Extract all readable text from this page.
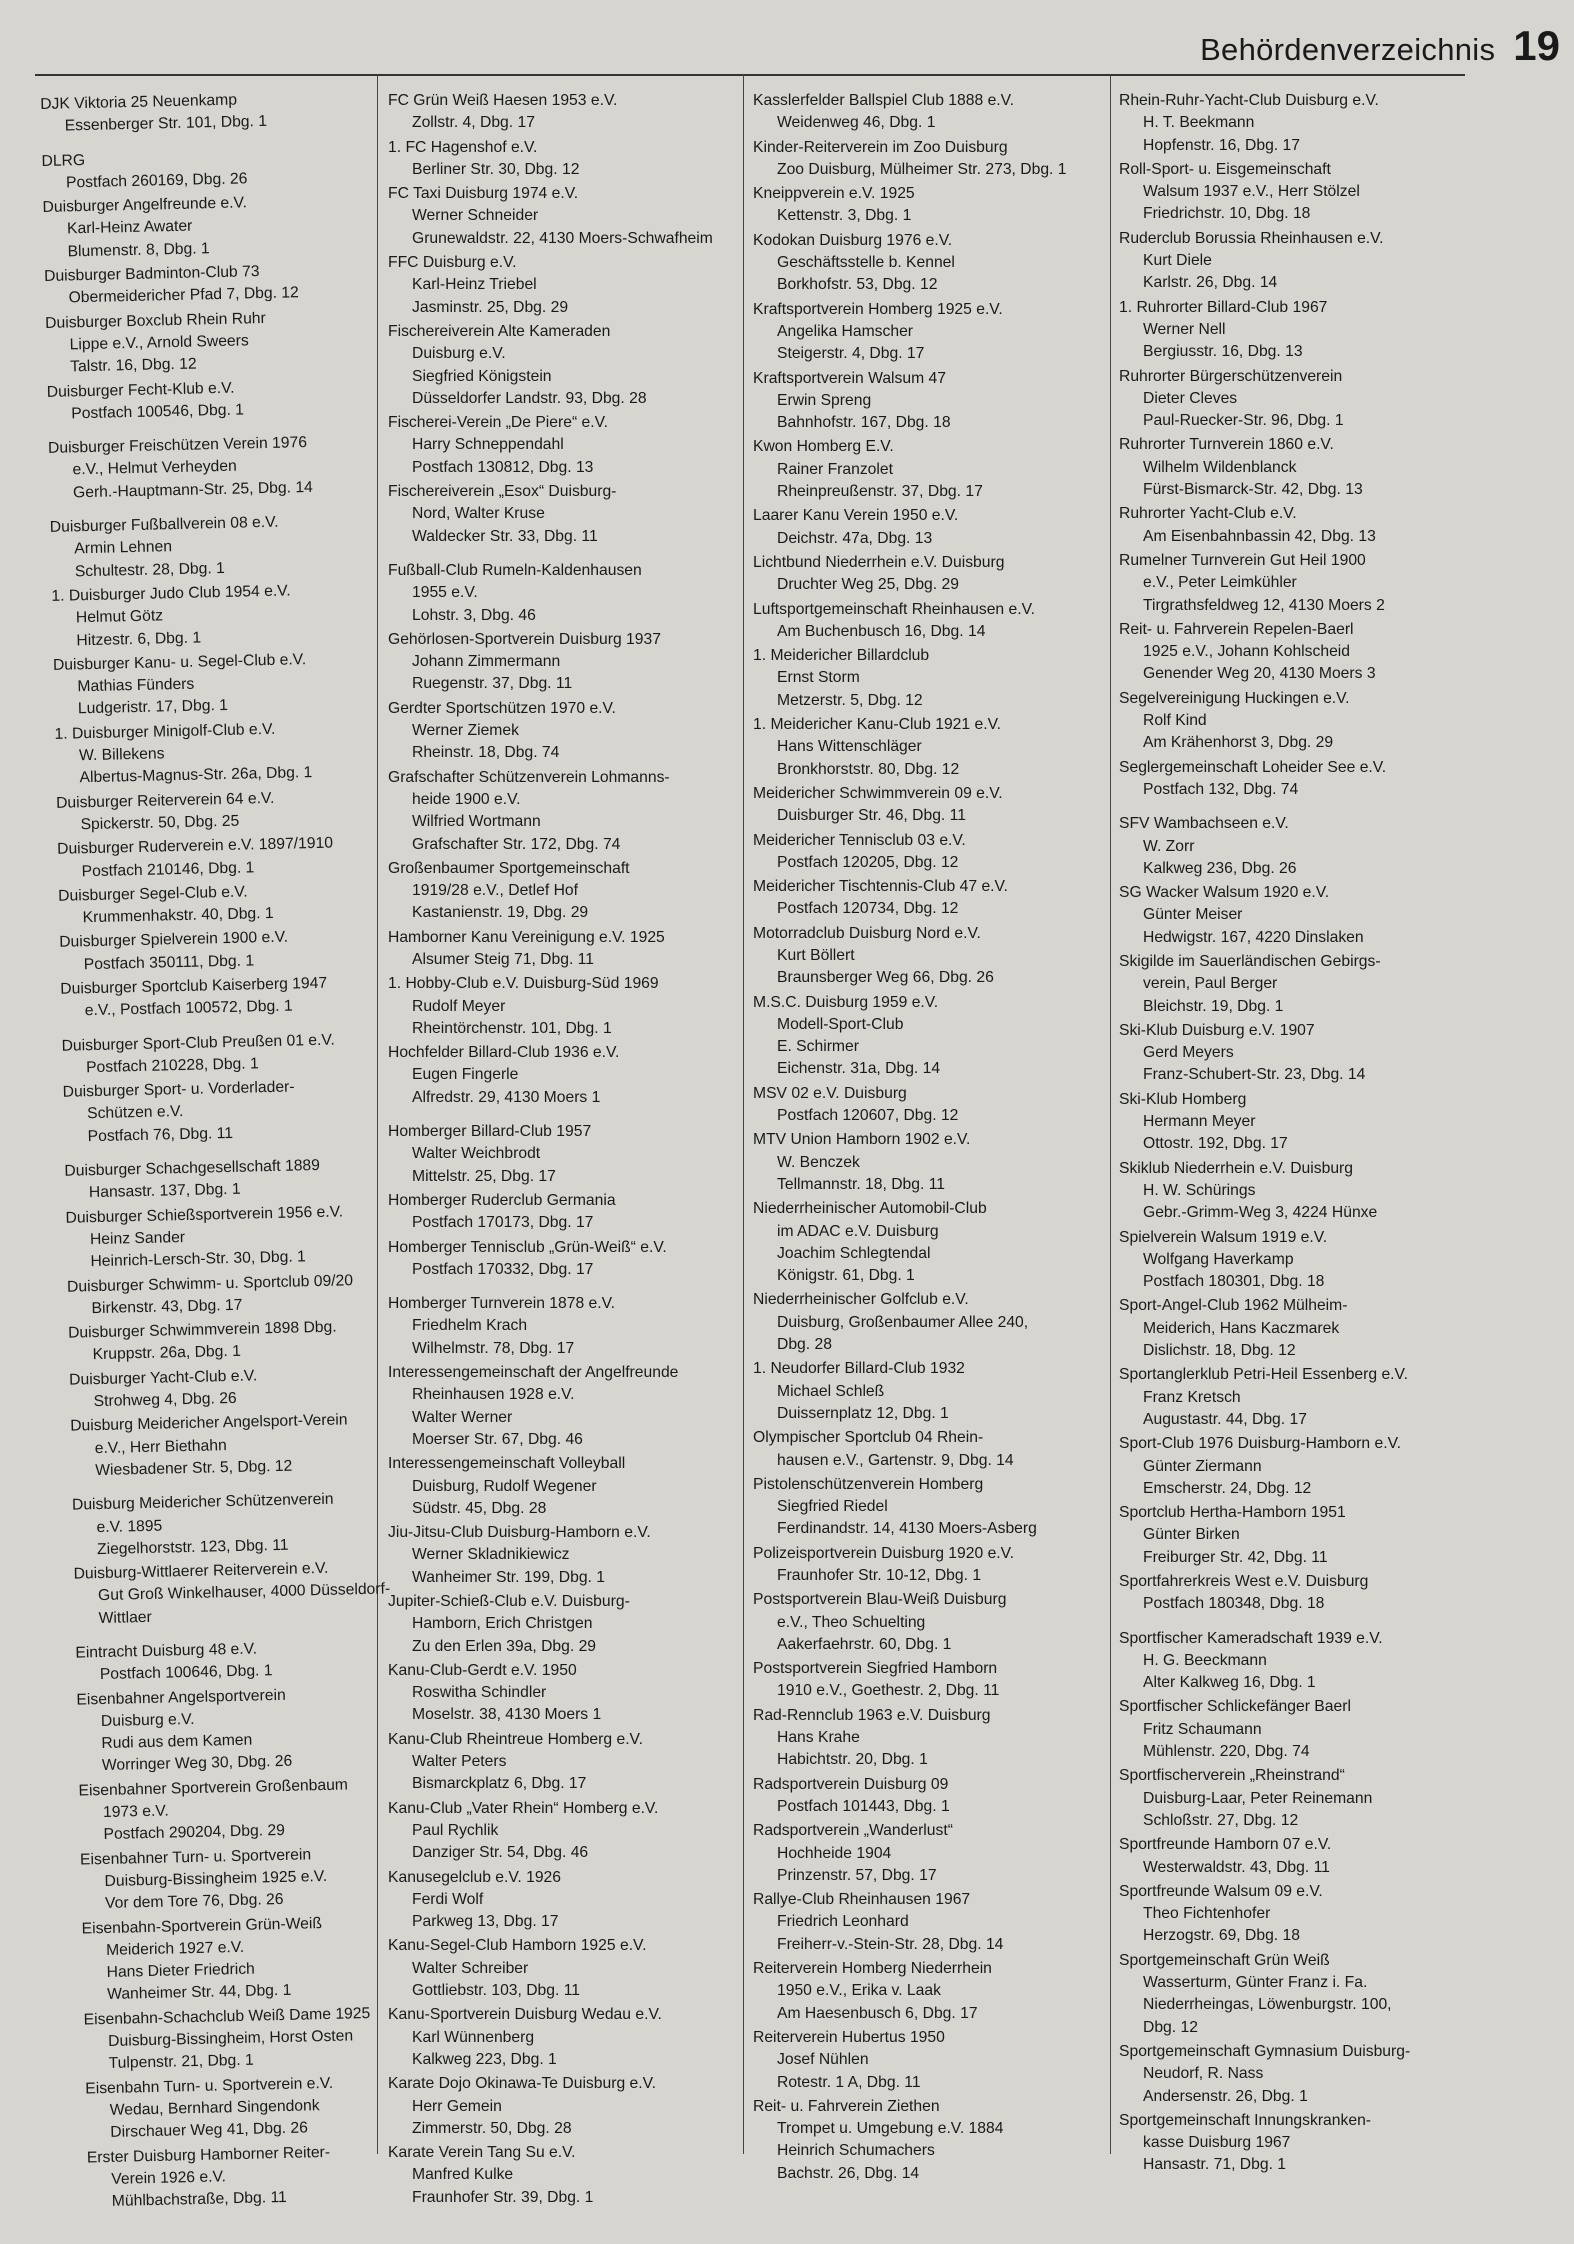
Behördenverzeichnis 19
DJK Viktoria 25 Neuenkamp
Essenberger Str. 101, Dbg. 1
DLRG
Postfach 260169, Dbg. 26
Duisburger Angelfreunde e.V.
Karl-Heinz Awater
Blumenstr. 8, Dbg. 1
Duisburger Badminton-Club 73
Obermeidericher Pfad 7, Dbg. 12
Duisburger Boxclub Rhein Ruhr
Lippe e.V., Arnold Sweers
Talstr. 16, Dbg. 12
Duisburger Fecht-Klub e.V.
Postfach 100546, Dbg. 1
Duisburger Freischützen Verein 1976
e.V., Helmut Verheyden
Gerh.-Hauptmann-Str. 25, Dbg. 14
Duisburger Fußballverein 08 e.V.
Armin Lehnen
Schultestr. 28, Dbg. 1
1. Duisburger Judo Club 1954 e.V.
Helmut Götz
Hitzestr. 6, Dbg. 1
Duisburger Kanu- u. Segel-Club e.V.
Mathias Fünders
Ludgeristr. 17, Dbg. 1
1. Duisburger Minigolf-Club e.V.
W. Billekens
Albertus-Magnus-Str. 26a, Dbg. 1
Duisburger Reiterverein 64 e.V.
Spickerstr. 50, Dbg. 25
Duisburger Ruderverein e.V. 1897/1910
Postfach 210146, Dbg. 1
Duisburger Segel-Club e.V.
Krummenhakstr. 40, Dbg. 1
Duisburger Spielverein 1900 e.V.
Postfach 350111, Dbg. 1
Duisburger Sportclub Kaiserberg 1947
e.V., Postfach 100572, Dbg. 1
Duisburger Sport-Club Preußen 01 e.V.
Postfach 210228, Dbg. 1
Duisburger Sport- u. Vorderlader-
Schützen e.V.
Postfach 76, Dbg. 11
Duisburger Schachgesellschaft 1889
Hansastr. 137, Dbg. 1
Duisburger Schießsportverein 1956 e.V.
Heinz Sander
Heinrich-Lersch-Str. 30, Dbg. 1
Duisburger Schwimm- u. Sportclub 09/20
Birkenstr. 43, Dbg. 17
Duisburger Schwimmverein 1898 Dbg.
Kruppstr. 26a, Dbg. 1
Duisburger Yacht-Club e.V.
Strohweg 4, Dbg. 26
Duisburg Meidericher Angelsport-Verein
e.V., Herr Biethahn
Wiesbadener Str. 5, Dbg. 12
Duisburg Meidericher Schützenverein
e.V. 1895
Ziegelhorststr. 123, Dbg. 11
Duisburg-Wittlaerer Reiterverein e.V.
Gut Groß Winkelhauser, 4000 Düsseldorf-
Wittlaer
Eintracht Duisburg 48 e.V.
Postfach 100646, Dbg. 1
Eisenbahner Angelsportverein
Duisburg e.V.
Rudi aus dem Kamen
Worringer Weg 30, Dbg. 26
Eisenbahner Sportverein Großenbaum
1973 e.V.
Postfach 290204, Dbg. 29
Eisenbahner Turn- u. Sportverein
Duisburg-Bissingheim 1925 e.V.
Vor dem Tore 76, Dbg. 26
Eisenbahn-Sportverein Grün-Weiß
Meiderich 1927 e.V.
Hans Dieter Friedrich
Wanheimer Str. 44, Dbg. 1
Eisenbahn-Schachclub Weiß Dame 1925
Duisburg-Bissingheim, Horst Osten
Tulpenstr. 21, Dbg. 1
Eisenbahn Turn- u. Sportverein e.V.
Wedau, Bernhard Singendonk
Dirschauer Weg 41, Dbg. 26
Erster Duisburg Hamborner Reiter-
Verein 1926 e.V.
Mühlbachstraße, Dbg. 11
FC Grün Weiß Haesen 1953 e.V.
Zollstr. 4, Dbg. 17
1. FC Hagenshof e.V.
Berliner Str. 30, Dbg. 12
FC Taxi Duisburg 1974 e.V.
Werner Schneider
Grunewaldstr. 22, 4130 Moers-Schwafheim
FFC Duisburg e.V.
Karl-Heinz Triebel
Jasminstr. 25, Dbg. 29
Fischereiverein Alte Kameraden
Duisburg e.V.
Siegfried Königstein
Düsseldorfer Landstr. 93, Dbg. 28
Fischerei-Verein „De Piere“ e.V.
Harry Schneppendahl
Postfach 130812, Dbg. 13
Fischereiverein „Esox“ Duisburg-
Nord, Walter Kruse
Waldecker Str. 33, Dbg. 11
Fußball-Club Rumeln-Kaldenhausen
1955 e.V.
Lohstr. 3, Dbg. 46
Gehörlosen-Sportverein Duisburg 1937
Johann Zimmermann
Ruegenstr. 37, Dbg. 11
Gerdter Sportschützen 1970 e.V.
Werner Ziemek
Rheinstr. 18, Dbg. 74
Grafschafter Schützenverein Lohmanns-
heide 1900 e.V.
Wilfried Wortmann
Grafschafter Str. 172, Dbg. 74
Großenbaumer Sportgemeinschaft
1919/28 e.V., Detlef Hof
Kastanienstr. 19, Dbg. 29
Hamborner Kanu Vereinigung e.V. 1925
Alsumer Steig 71, Dbg. 11
1. Hobby-Club e.V. Duisburg-Süd 1969
Rudolf Meyer
Rheintörchenstr. 101, Dbg. 1
Hochfelder Billard-Club 1936 e.V.
Eugen Fingerle
Alfredstr. 29, 4130 Moers 1
Homberger Billard-Club 1957
Walter Weichbrodt
Mittelstr. 25, Dbg. 17
Homberger Ruderclub Germania
Postfach 170173, Dbg. 17
Homberger Tennisclub „Grün-Weiß“ e.V.
Postfach 170332, Dbg. 17
Homberger Turnverein 1878 e.V.
Friedhelm Krach
Wilhelmstr. 78, Dbg. 17
Interessengemeinschaft der Angelfreunde
Rheinhausen 1928 e.V.
Walter Werner
Moerser Str. 67, Dbg. 46
Interessengemeinschaft Volleyball
Duisburg, Rudolf Wegener
Südstr. 45, Dbg. 28
Jiu-Jitsu-Club Duisburg-Hamborn e.V.
Werner Skladnikiewicz
Wanheimer Str. 199, Dbg. 1
Jupiter-Schieß-Club e.V. Duisburg-
Hamborn, Erich Christgen
Zu den Erlen 39a, Dbg. 29
Kanu-Club-Gerdt e.V. 1950
Roswitha Schindler
Moselstr. 38, 4130 Moers 1
Kanu-Club Rheintreue Homberg e.V.
Walter Peters
Bismarckplatz 6, Dbg. 17
Kanu-Club „Vater Rhein“ Homberg e.V.
Paul Rychlik
Danziger Str. 54, Dbg. 46
Kanusegelclub e.V. 1926
Ferdi Wolf
Parkweg 13, Dbg. 17
Kanu-Segel-Club Hamborn 1925 e.V.
Walter Schreiber
Gottliebstr. 103, Dbg. 11
Kanu-Sportverein Duisburg Wedau e.V.
Karl Wünnenberg
Kalkweg 223, Dbg. 1
Karate Dojo Okinawa-Te Duisburg e.V.
Herr Gemein
Zimmerstr. 50, Dbg. 28
Karate Verein Tang Su e.V.
Manfred Kulke
Fraunhofer Str. 39, Dbg. 1
Kasslerfelder Ballspiel Club 1888 e.V.
Weidenweg 46, Dbg. 1
Kinder-Reiterverein im Zoo Duisburg
Zoo Duisburg, Mülheimer Str. 273, Dbg. 1
Kneippverein e.V. 1925
Kettenstr. 3, Dbg. 1
Kodokan Duisburg 1976 e.V.
Geschäftsstelle b. Kennel
Borkhofstr. 53, Dbg. 12
Kraftsportverein Homberg 1925 e.V.
Angelika Hamscher
Steigerstr. 4, Dbg. 17
Kraftsportverein Walsum 47
Erwin Spreng
Bahnhofstr. 167, Dbg. 18
Kwon Homberg E.V.
Rainer Franzolet
Rheinpreußenstr. 37, Dbg. 17
Laarer Kanu Verein 1950 e.V.
Deichstr. 47a, Dbg. 13
Lichtbund Niederrhein e.V. Duisburg
Druchter Weg 25, Dbg. 29
Luftsportgemeinschaft Rheinhausen e.V.
Am Buchenbusch 16, Dbg. 14
1. Meidericher Billardclub
Ernst Storm
Metzerstr. 5, Dbg. 12
1. Meidericher Kanu-Club 1921 e.V.
Hans Wittenschläger
Bronkhorststr. 80, Dbg. 12
Meidericher Schwimmverein 09 e.V.
Duisburger Str. 46, Dbg. 11
Meidericher Tennisclub 03 e.V.
Postfach 120205, Dbg. 12
Meidericher Tischtennis-Club 47 e.V.
Postfach 120734, Dbg. 12
Motorradclub Duisburg Nord e.V.
Kurt Böllert
Braunsberger Weg 66, Dbg. 26
M.S.C. Duisburg 1959 e.V.
Modell-Sport-Club
E. Schirmer
Eichenstr. 31a, Dbg. 14
MSV 02 e.V. Duisburg
Postfach 120607, Dbg. 12
MTV Union Hamborn 1902 e.V.
W. Benczek
Tellmannstr. 18, Dbg. 11
Niederrheinischer Automobil-Club
im ADAC e.V. Duisburg
Joachim Schlegtendal
Königstr. 61, Dbg. 1
Niederrheinischer Golfclub e.V.
Duisburg, Großenbaumer Allee 240,
Dbg. 28
1. Neudorfer Billard-Club 1932
Michael Schleß
Duissernplatz 12, Dbg. 1
Olympischer Sportclub 04 Rhein-
hausen e.V., Gartenstr. 9, Dbg. 14
Pistolenschützenverein Homberg
Siegfried Riedel
Ferdinandstr. 14, 4130 Moers-Asberg
Polizeisportverein Duisburg 1920 e.V.
Fraunhofer Str. 10-12, Dbg. 1
Postsportverein Blau-Weiß Duisburg
e.V., Theo Schuelting
Aakerfaehrstr. 60, Dbg. 1
Postsportverein Siegfried Hamborn
1910 e.V., Goethestr. 2, Dbg. 11
Rad-Rennclub 1963 e.V. Duisburg
Hans Krahe
Habichtstr. 20, Dbg. 1
Radsportverein Duisburg 09
Postfach 101443, Dbg. 1
Radsportverein „Wanderlust“
Hochheide 1904
Prinzenstr. 57, Dbg. 17
Rallye-Club Rheinhausen 1967
Friedrich Leonhard
Freiherr-v.-Stein-Str. 28, Dbg. 14
Reiterverein Homberg Niederrhein
1950 e.V., Erika v. Laak
Am Haesenbusch 6, Dbg. 17
Reiterverein Hubertus 1950
Josef Nühlen
Rotestr. 1 A, Dbg. 11
Reit- u. Fahrverein Ziethen
Trompet u. Umgebung e.V. 1884
Heinrich Schumachers
Bachstr. 26, Dbg. 14
Rhein-Ruhr-Yacht-Club Duisburg e.V.
H. T. Beekmann
Hopfenstr. 16, Dbg. 17
Roll-Sport- u. Eisgemeinschaft
Walsum 1937 e.V., Herr Stölzel
Friedrichstr. 10, Dbg. 18
Ruderclub Borussia Rheinhausen e.V.
Kurt Diele
Karlstr. 26, Dbg. 14
1. Ruhrorter Billard-Club 1967
Werner Nell
Bergiusstr. 16, Dbg. 13
Ruhrorter Bürgerschützenverein
Dieter Cleves
Paul-Ruecker-Str. 96, Dbg. 1
Ruhrorter Turnverein 1860 e.V.
Wilhelm Wildenblanck
Fürst-Bismarck-Str. 42, Dbg. 13
Ruhrorter Yacht-Club e.V.
Am Eisenbahnbassin 42, Dbg. 13
Rumelner Turnverein Gut Heil 1900
e.V., Peter Leimkühler
Tirgrathsfeldweg 12, 4130 Moers 2
Reit- u. Fahrverein Repelen-Baerl
1925 e.V., Johann Kohlscheid
Genender Weg 20, 4130 Moers 3
Segelvereinigung Huckingen e.V.
Rolf Kind
Am Krähenhorst 3, Dbg. 29
Seglergemeinschaft Loheider See e.V.
Postfach 132, Dbg. 74
SFV Wambachseen e.V.
W. Zorr
Kalkweg 236, Dbg. 26
SG Wacker Walsum 1920 e.V.
Günter Meiser
Hedwigstr. 167, 4220 Dinslaken
Skigilde im Sauerländischen Gebirgs-
verein, Paul Berger
Bleichstr. 19, Dbg. 1
Ski-Klub Duisburg e.V. 1907
Gerd Meyers
Franz-Schubert-Str. 23, Dbg. 14
Ski-Klub Homberg
Hermann Meyer
Ottostr. 192, Dbg. 17
Skiklub Niederrhein e.V. Duisburg
H. W. Schürings
Gebr.-Grimm-Weg 3, 4224 Hünxe
Spielverein Walsum 1919 e.V.
Wolfgang Haverkamp
Postfach 180301, Dbg. 18
Sport-Angel-Club 1962 Mülheim-
Meiderich, Hans Kaczmarek
Dislichstr. 18, Dbg. 12
Sportanglerklub Petri-Heil Essenberg e.V.
Franz Kretsch
Augustastr. 44, Dbg. 17
Sport-Club 1976 Duisburg-Hamborn e.V.
Günter Ziermann
Emscherstr. 24, Dbg. 12
Sportclub Hertha-Hamborn 1951
Günter Birken
Freiburger Str. 42, Dbg. 11
Sportfahrerkreis West e.V. Duisburg
Postfach 180348, Dbg. 18
Sportfischer Kameradschaft 1939 e.V.
H. G. Beeckmann
Alter Kalkweg 16, Dbg. 1
Sportfischer Schlickefänger Baerl
Fritz Schaumann
Mühlenstr. 220, Dbg. 74
Sportfischerverein „Rheinstrand“
Duisburg-Laar, Peter Reinemann
Schloßstr. 27, Dbg. 12
Sportfreunde Hamborn 07 e.V.
Westerwaldstr. 43, Dbg. 11
Sportfreunde Walsum 09 e.V.
Theo Fichtenhofer
Herzogstr. 69, Dbg. 18
Sportgemeinschaft Grün Weiß
Wasserturm, Günter Franz i. Fa.
Niederrheingas, Löwenburgstr. 100,
Dbg. 12
Sportgemeinschaft Gymnasium Duisburg-
Neudorf, R. Nass
Andersenstr. 26, Dbg. 1
Sportgemeinschaft Innungskranken-
kasse Duisburg 1967
Hansastr. 71, Dbg. 1
